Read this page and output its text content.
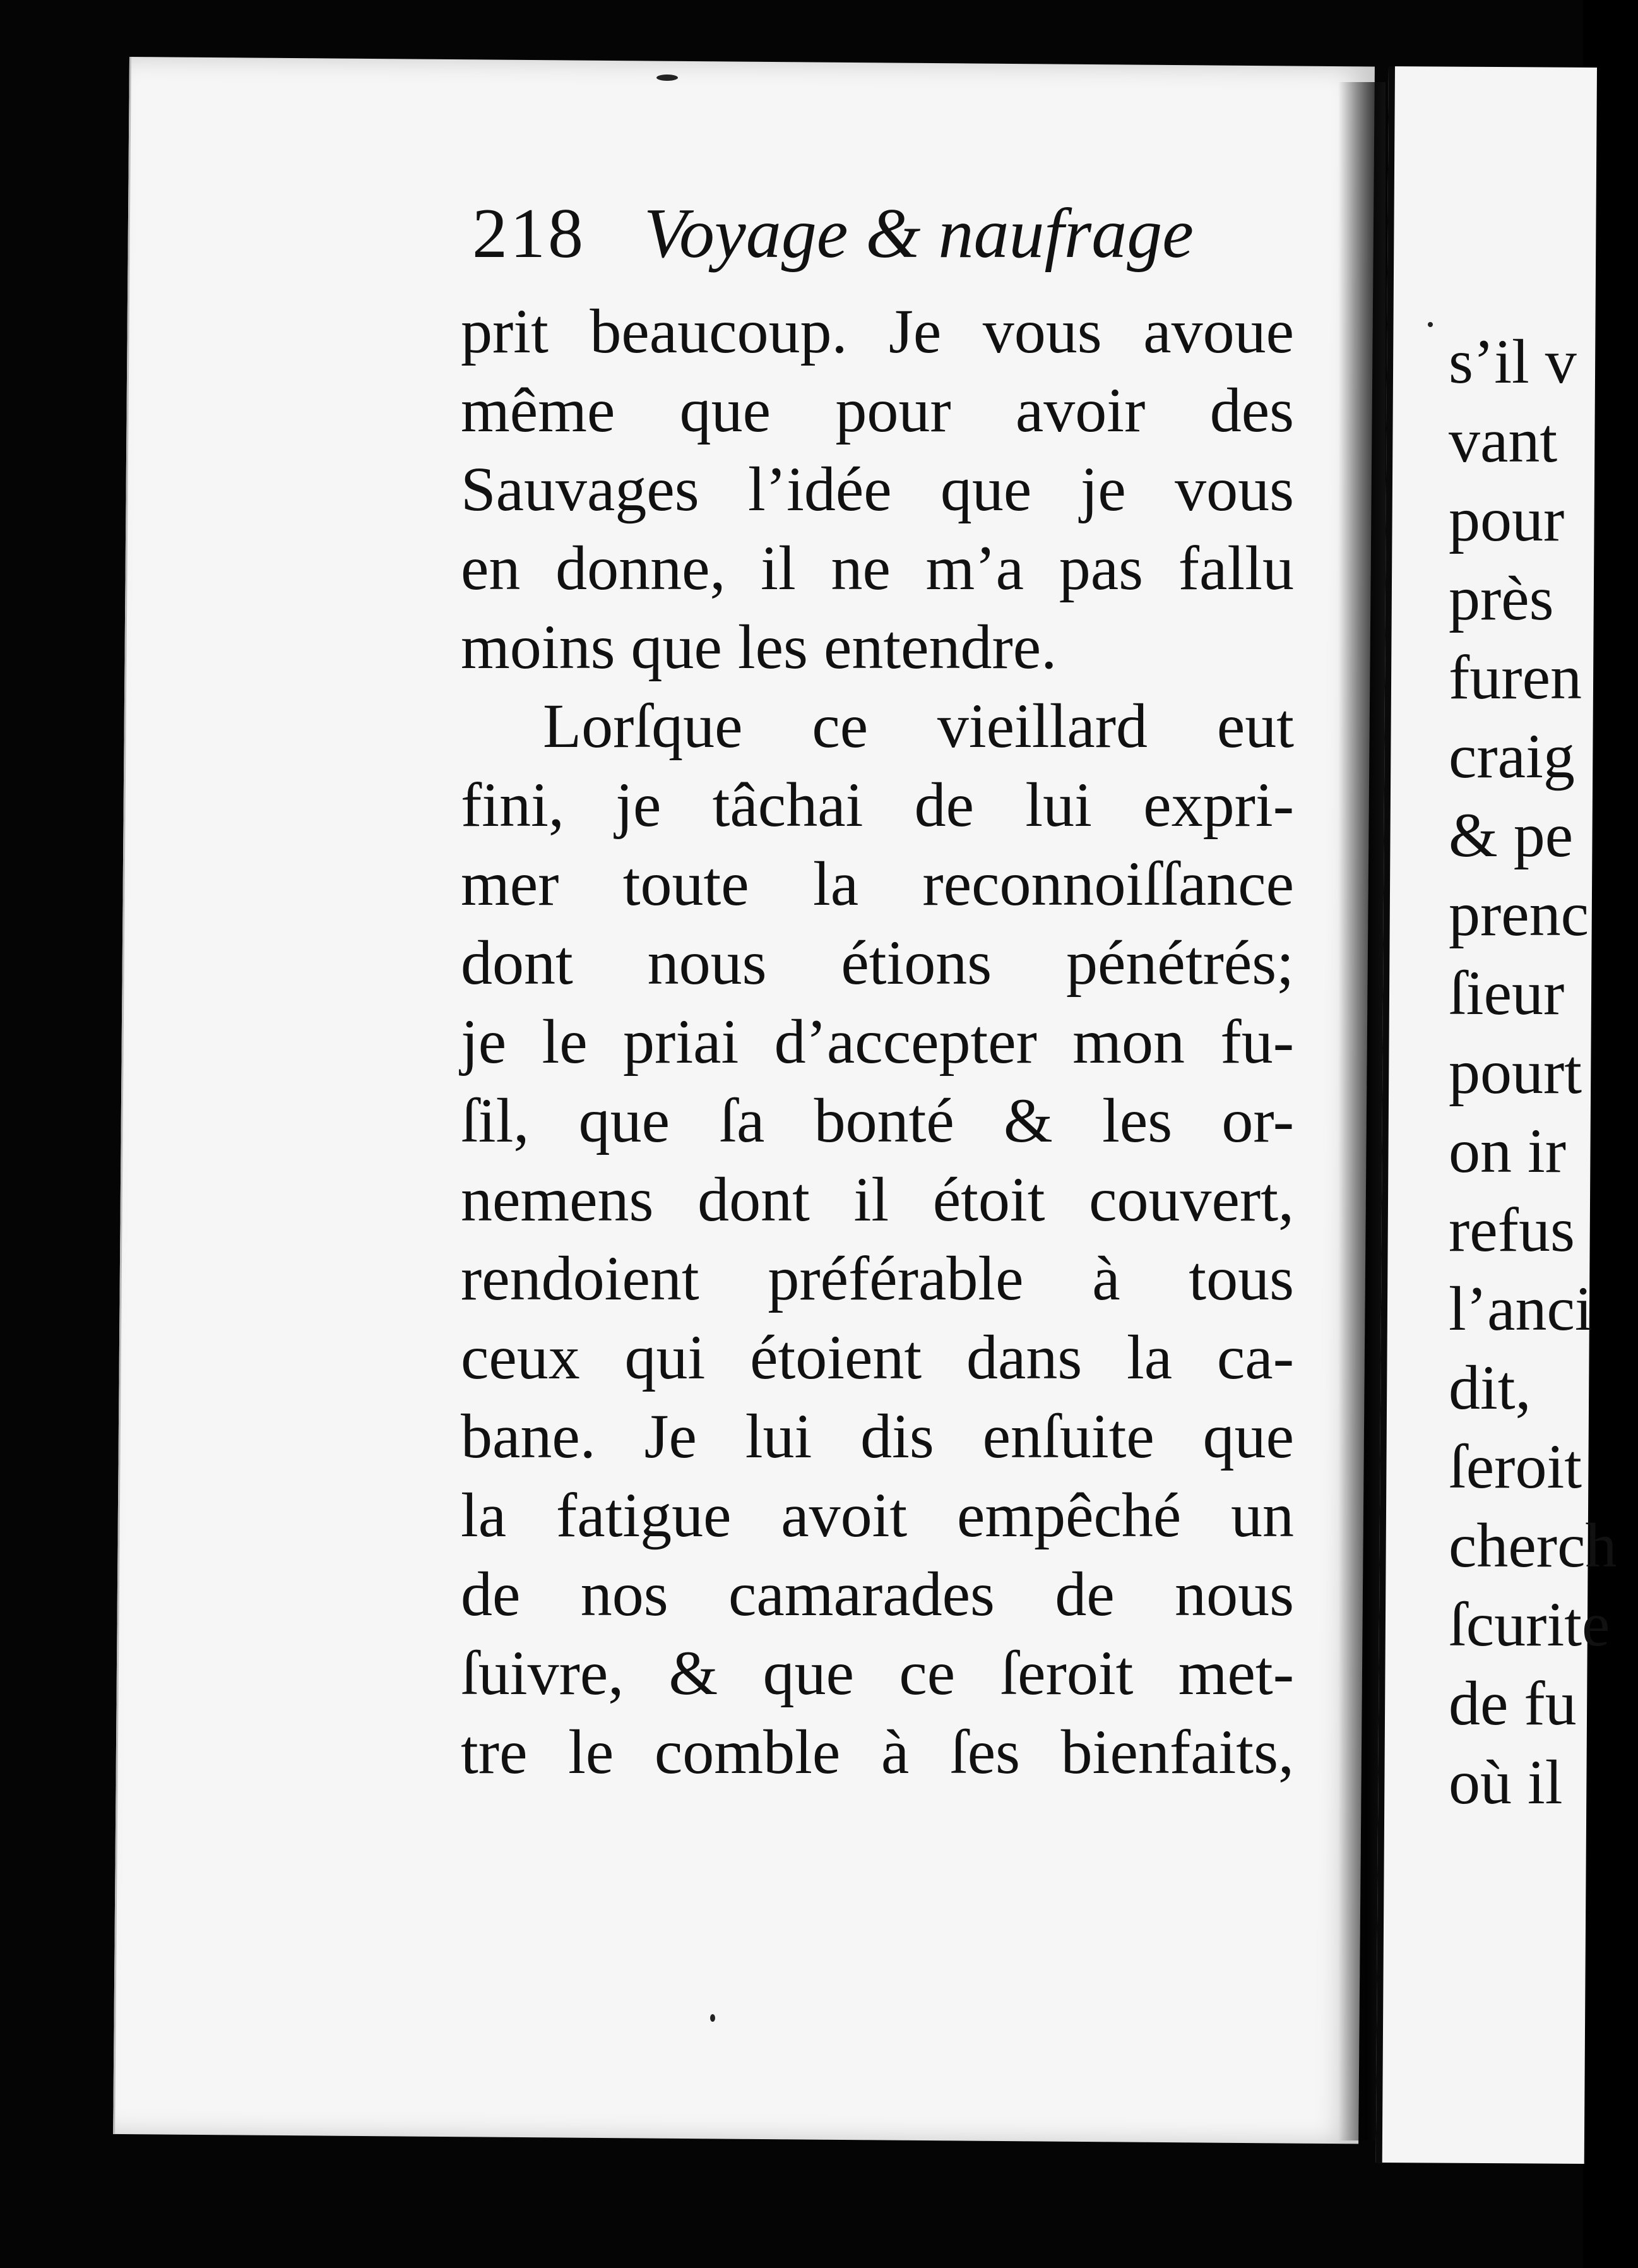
218 Voyage & naufrage
prit beaucoup. Je vous avoue
même que pour avoir des
Sauvages l’idée que je vous
en donne, il ne m’a pas fallu
moins que les entendre.
Lorſque ce vieillard eut
fini, je tâchai de lui expri-
mer toute la reconnoiſſance
dont nous étions pénétrés;
je le priai d’accepter mon fu-
ſil, que ſa bonté & les or-
nemens dont il étoit couvert,
rendoient préférable à tous
ceux qui étoient dans la ca-
bane. Je lui dis enſuite que
la fatigue avoit empêché un
de nos camarades de nous
ſuivre, & que ce ſeroit met-
tre le comble à ſes bienfaits,
s’il v
vant
pour
près
furen
craig
& pe
prenc
ſieur
pourt
on ir
refus
l’anci
dit,
ſeroit
cherch
ſcurite
de fu
où il
